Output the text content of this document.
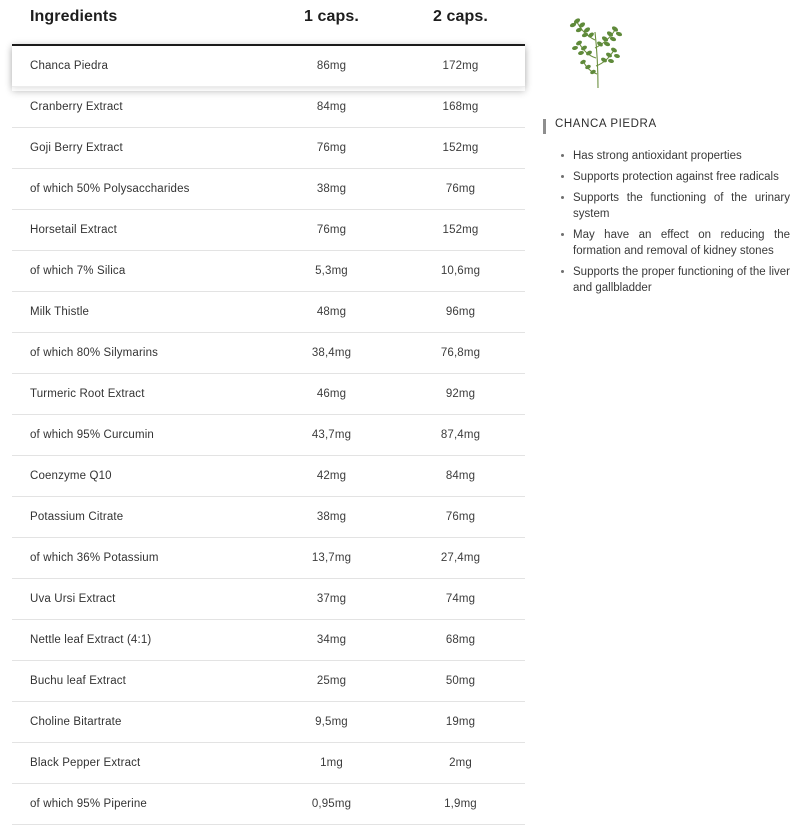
Ingredients	1 caps.	2 caps.

Chanca Piedra	86mg	172mg
Cranberry Extract	84mg	168mg
Goji Berry Extract	76mg	152mg
of which 50% Polysaccharides	38mg	76mg
Horsetail Extract	76mg	152mg
of which 7% Silica	5,3mg	10,6mg
Milk Thistle	48mg	96mg
of which 80% Silymarins	38,4mg	76,8mg
Turmeric Root Extract	46mg	92mg
of which 95% Curcumin	43,7mg	87,4mg
Coenzyme Q10	42mg	84mg
Potassium Citrate	38mg	76mg
of which 36% Potassium	13,7mg	27,4mg
Uva Ursi Extract	37mg	74mg
Nettle leaf Extract (4:1)	34mg	68mg
Buchu leaf Extract	25mg	50mg
Choline Bitartrate	9,5mg	19mg
Black Pepper Extract	1mg	2mg
of which 95% Piperine	0,95mg	1,9mg
CHANCA PIEDRA
Has strong antioxidant properties
Supports protection against free radicals
Supports the functioning of the urinary system
May have an effect on reducing the formation and removal of kidney stones
Supports the proper functioning of the liver and gallbladder
